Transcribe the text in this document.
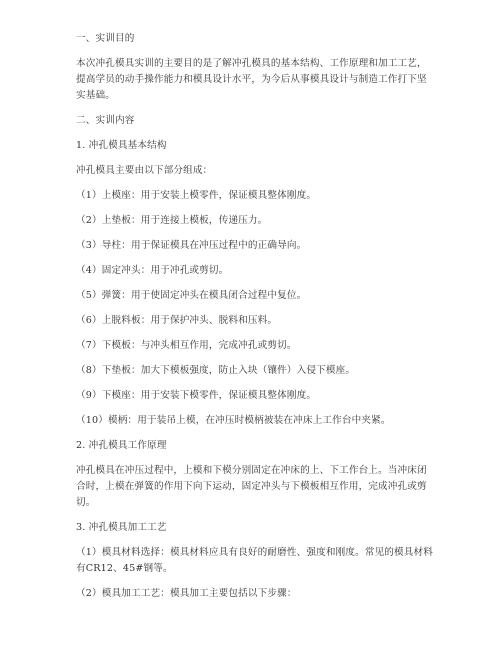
一、实训目的
本次冲孔模具实训的主要目的是了解冲孔模具的基本结构、工作原理和加工工艺，提高学员的动手操作能力和模具设计水平，为今后从事模具设计与制造工作打下坚实基础。
二、实训内容
1. 冲孔模具基本结构
冲孔模具主要由以下部分组成：
（1）上模座：用于安装上模零件，保证模具整体刚度。
（2）上垫板：用于连接上模板，传递压力。
（3）导柱：用于保证模具在冲压过程中的正确导向。
（4）固定冲头：用于冲孔或剪切。
（5）弹簧：用于使固定冲头在模具闭合过程中复位。
（6）上脱料板：用于保护冲头、脱料和压料。
（7）下模板：与冲头相互作用，完成冲孔或剪切。
（8）下垫板：加大下模板强度，防止入块（镶件）入侵下模座。
（9）下模座：用于安装下模零件，保证模具整体刚度。
（10）模柄：用于装吊上模，在冲压时模柄被装在冲床上工作台中夹紧。
2. 冲孔模具工作原理
冲孔模具在冲压过程中，上模和下模分别固定在冲床的上、下工作台上。当冲床闭合时，上模在弹簧的作用下向下运动，固定冲头与下模板相互作用，完成冲孔或剪切。
3. 冲孔模具加工工艺
（1）模具材料选择：模具材料应具有良好的耐磨性、强度和刚度。常见的模具材料有CR12、45#钢等。
（2）模具加工工艺：模具加工主要包括以下步骤：
